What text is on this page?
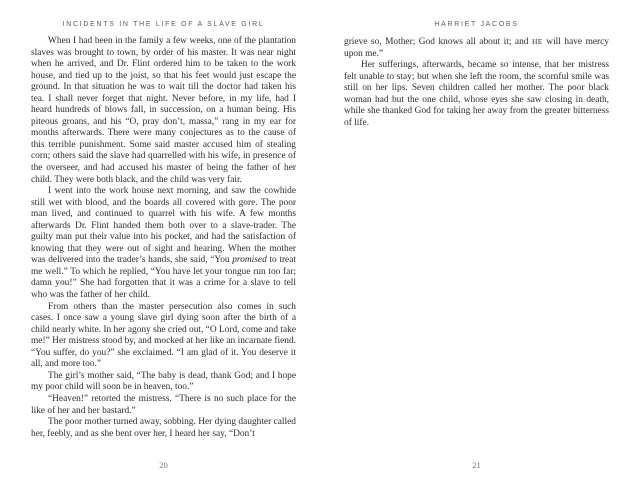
INCIDENTS IN THE LIFE OF A SLAVE GIRL

When I had been in the family a few weeks, one of the plantation slaves was brought to town, by order of his master. It was near night when he arrived, and Dr. Flint ordered him to be taken to the work house, and tied up to the joist, so that his feet would just escape the ground. In that situation he was to wait till the doctor had taken his tea. I shall never forget that night. Never before, in my life, had I heard hundreds of blows fall, in succession, on a human being. His piteous groans, and his “O, pray don’t, massa,” rang in my ear for months afterwards. There were many conjectures as to the cause of this terrible punishment. Some said master accused him of stealing corn; others said the slave had quarrelled with his wife, in presence of the overseer, and had accused his master of being the father of her child. They were both black, and the child was very fair.

I went into the work house next morning, and saw the cowhide still wet with blood, and the boards all covered with gore. The poor man lived, and continued to quarrel with his wife. A few months afterwards Dr. Flint handed them both over to a slave-trader. The guilty man put their value into his pocket, and had the satisfaction of knowing that they were out of sight and hearing. When the mother was delivered into the trader’s hands, she said, “You promised to treat me well.” To which he replied, “You have let your tongue run too far; damn you!” She had forgotten that it was a crime for a slave to tell who was the father of her child.

From others than the master persecution also comes in such cases. I once saw a young slave girl dying soon after the birth of a child nearly white. In her agony she cried out, “O Lord, come and take me!” Her mistress stood by, and mocked at her like an incarnate fiend. “You suffer, do you?” she exclaimed. “I am glad of it. You deserve it all, and more too.”

The girl’s mother said, “The baby is dead, thank God; and I hope my poor child will soon be in heaven, too.”

“Heaven!” retorted the mistress. “There is no such place for the like of her and her bastard.”

The poor mother turned away, sobbing. Her dying daughter called her, feebly, and as she bent over her, I heard her say, “Don’t

20
HARRIET JACOBS

grieve so, Mother; God knows all about it; and HE will have mercy upon me.”

Her sufferings, afterwards, became so intense, that her mistress felt unable to stay; but when she left the room, the scornful smile was still on her lips. Seven children called her mother. The poor black woman had but the one child, whose eyes she saw closing in death, while she thanked God for taking her away from the greater bitterness of life.

21
